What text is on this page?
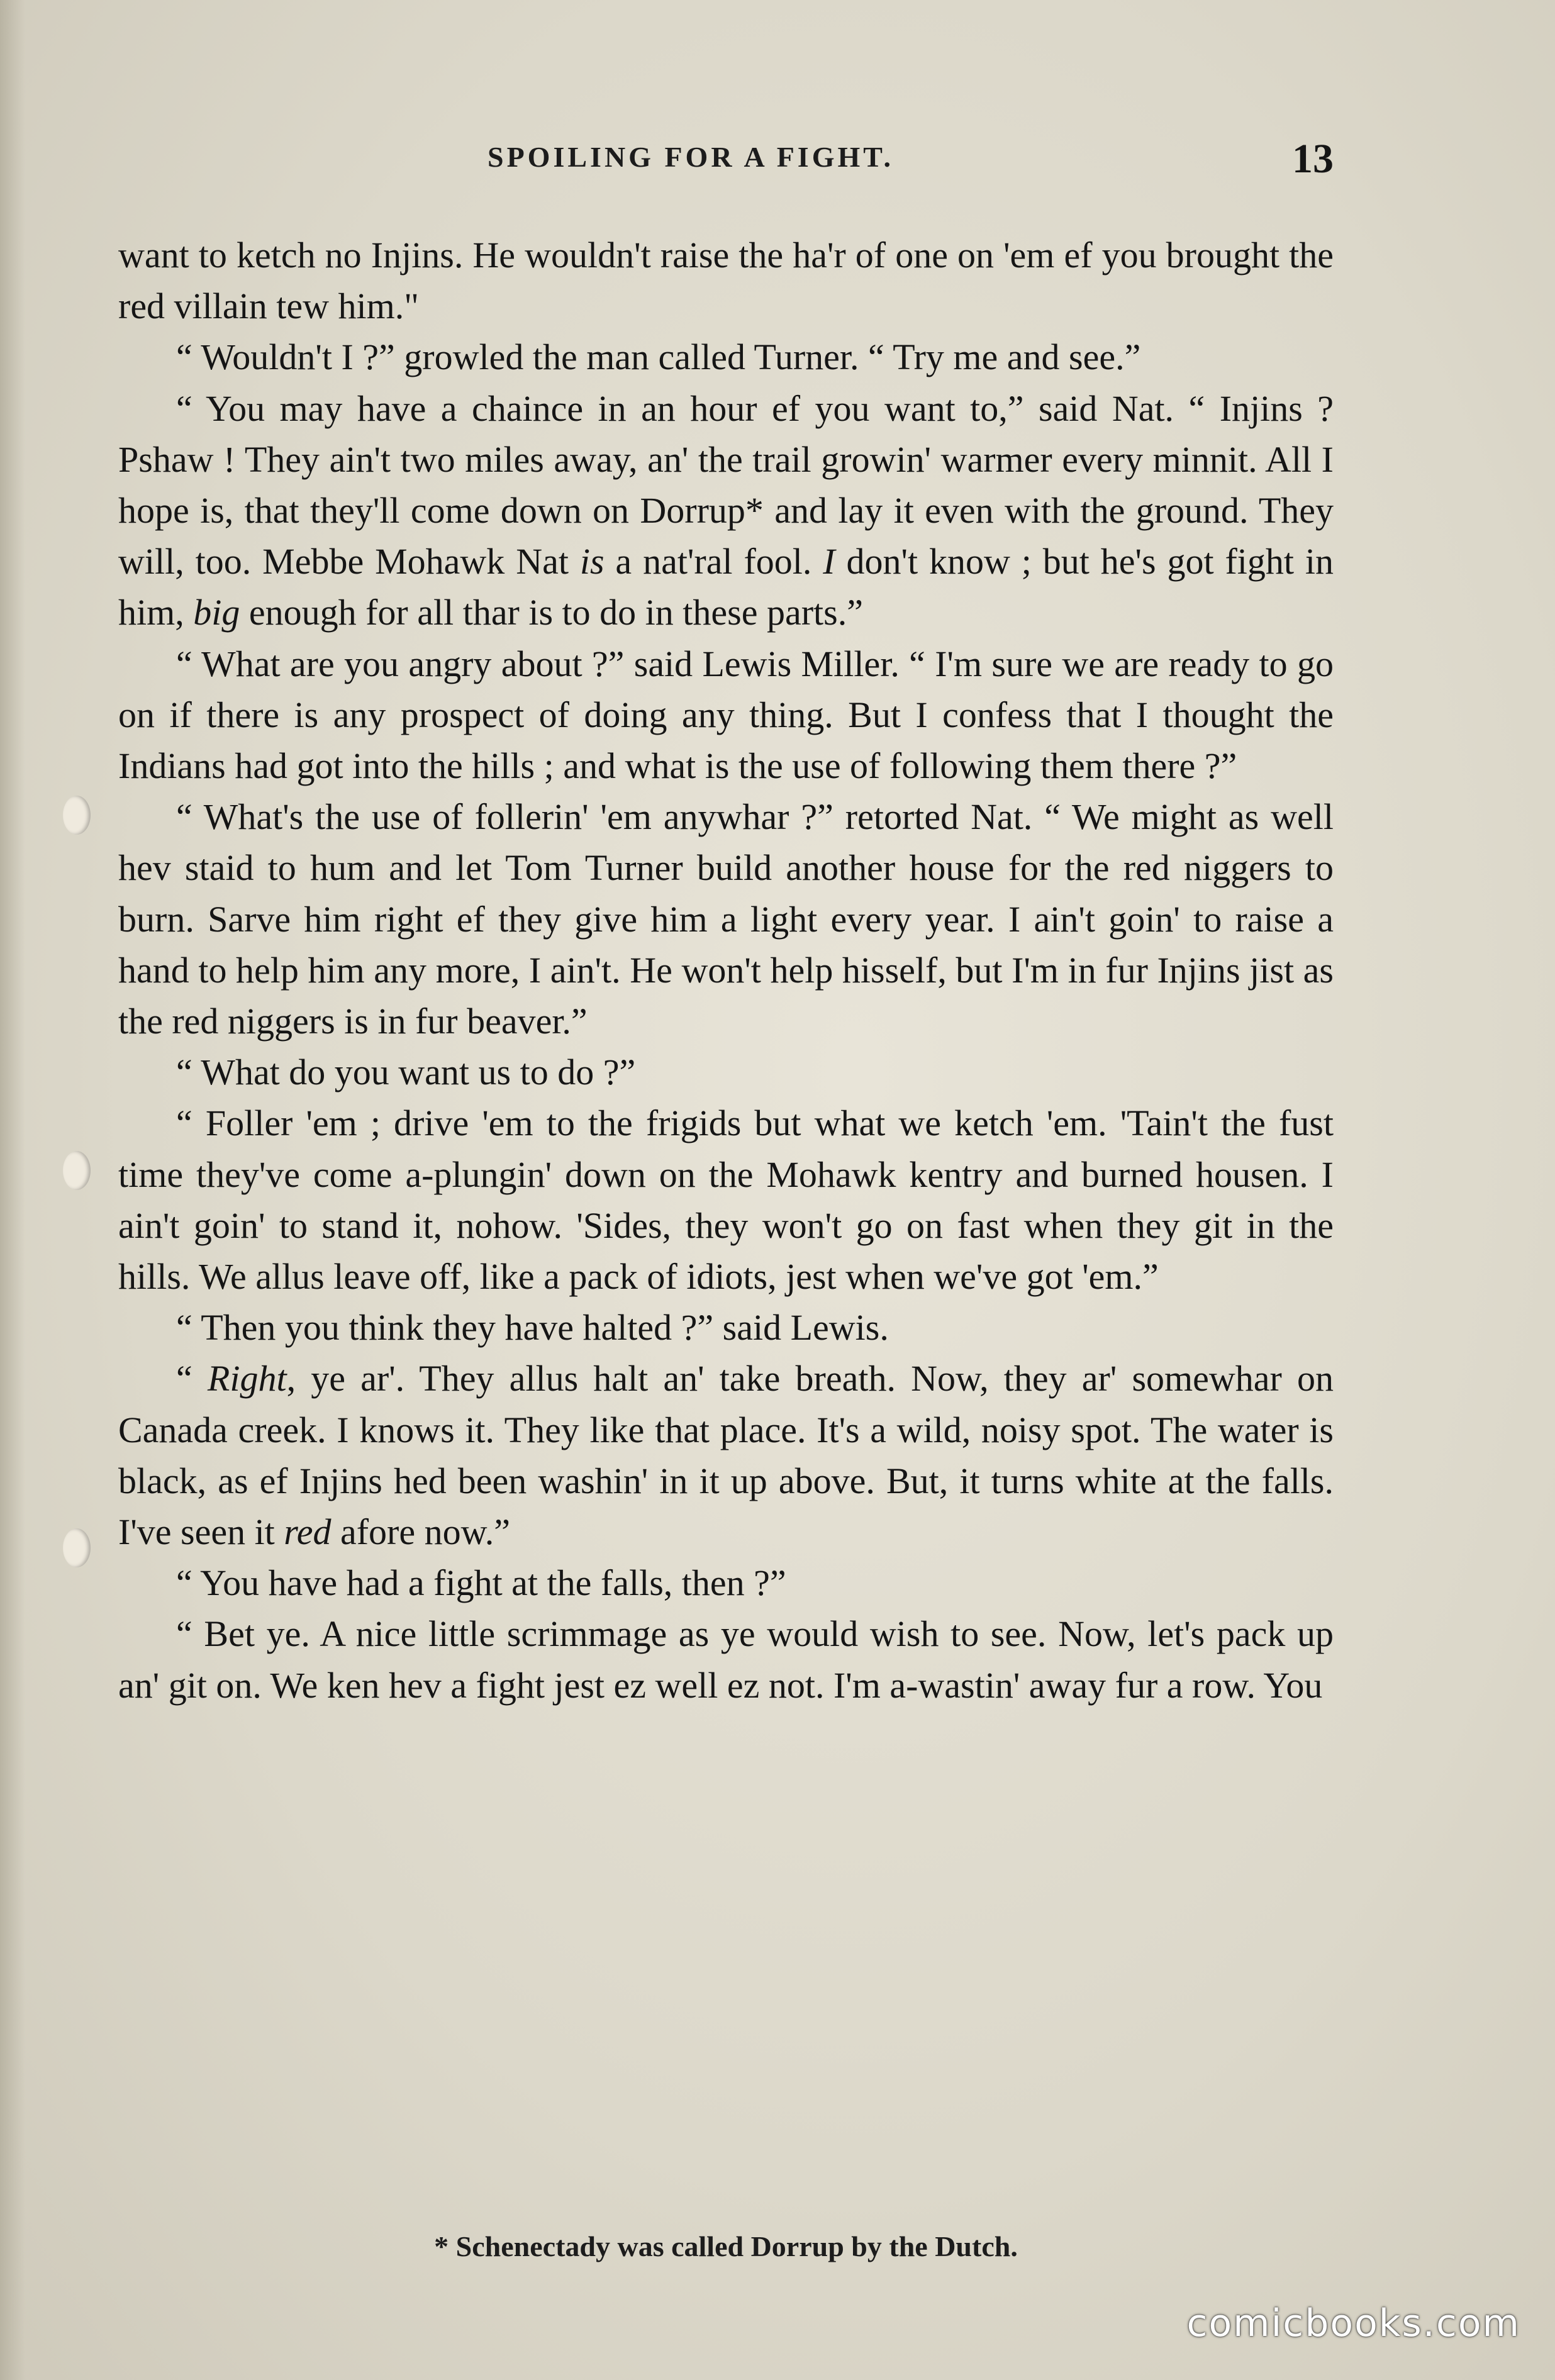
SPOILING FOR A FIGHT.	13

want to ketch no Injins. He wouldn't raise the ha'r of one on 'em ef you brought the red villain tew him."

“ Wouldn't I ?” growled the man called Turner. “ Try me and see.”

“ You may have a chaince in an hour ef you want to,” said Nat. “ Injins ? Pshaw ! They ain't two miles away, an' the trail growin' warmer every minnit. All I hope is, that they'll come down on Dorrup* and lay it even with the ground. They will, too. Mebbe Mohawk Nat is a nat'ral fool. I don't know ; but he's got fight in him, big enough for all thar is to do in these parts.”

“ What are you angry about ?” said Lewis Miller. “ I'm sure we are ready to go on if there is any prospect of doing any thing. But I confess that I thought the Indians had got into the hills ; and what is the use of following them there ?”

“ What's the use of follerin' 'em anywhar ?” retorted Nat. “ We might as well hev staid to hum and let Tom Turner build another house for the red niggers to burn. Sarve him right ef they give him a light every year. I ain't goin' to raise a hand to help him any more, I ain't. He won't help hisself, but I'm in fur Injins jist as the red niggers is in fur beaver.”

“ What do you want us to do ?”

“ Foller 'em ; drive 'em to the frigids but what we ketch 'em. 'Tain't the fust time they've come a-plungin' down on the Mohawk kentry and burned housen. I ain't goin' to stand it, nohow. 'Sides, they won't go on fast when they git in the hills. We allus leave off, like a pack of idiots, jest when we've got 'em.”

“ Then you think they have halted ?” said Lewis.

“ Right, ye ar'. They allus halt an' take breath. Now, they ar' somewhar on Canada creek. I knows it. They like that place. It's a wild, noisy spot. The water is black, as ef Injins hed been washin' in it up above. But, it turns white at the falls. I've seen it red afore now.”

“ You have had a fight at the falls, then ?”

“ Bet ye. A nice little scrimmage as ye would wish to see. Now, let's pack up an' git on. We ken hev a fight jest ez well ez not. I'm a-wastin' away fur a row. You

* Schenectady was called Dorrup by the Dutch.
comicbooks.com
